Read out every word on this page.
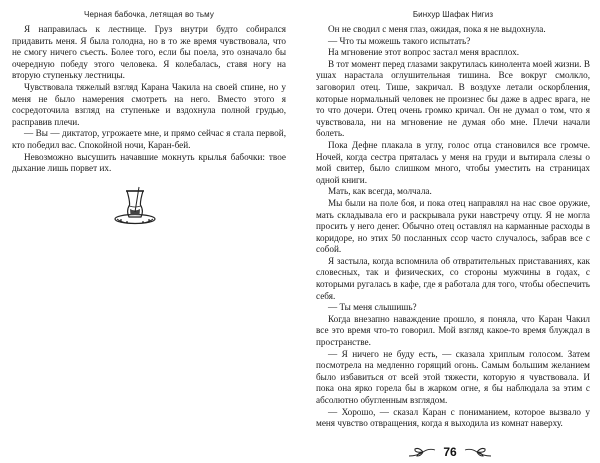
Черная бабочка, летящая во тьму

Я направилась к лестнице. Груз внутри будто собирался придавить меня. Я была голодна, но в то же время чувствовала, что не смогу ничего съесть. Более того, если бы поела, это означало бы очередную победу этого человека. Я колебалась, ставя ногу на вторую ступеньку лестницы.

Чувствовала тяжелый взгляд Карана Чакила на своей спине, но у меня не было намерения смотреть на него. Вместо этого я сосредоточила взгляд на ступеньке и вздохнула полной грудью, расправив плечи.

— Вы — диктатор, угрожаете мне, и прямо сейчас я стала первой, кто победил вас. Спокойной ночи, Каран-бей.

Невозможно высушить начавшие мокнуть крылья бабочки: твое дыхание лишь порвет их.

Бинхур Шафак Нигиз

Он не сводил с меня глаз, ожидая, пока я не выдохнула.

— Что ты можешь такого испытать?

На мгновение этот вопрос застал меня врасплох.

В тот момент перед глазами закрутилась кинолента моей жизни. В ушах нарастала оглушительная тишина. Все вокруг смолкло, заговорил отец. Тише, закричал. В воздухе летали оскорбления, которые нормальный человек не произнес бы даже в адрес врага, не то что дочери. Отец очень громко кричал. Он не думал о том, что я чувствовала, ни на мгновение не думая обо мне. Плечи начали болеть.

Пока Дефне плакала в углу, голос отца становился все громче. Ночей, когда сестра пряталась у меня на груди и вытирала слезы о мой свитер, было слишком много, чтобы уместить на страницах одной книги.

Мать, как всегда, молчала.

Мы были на поле боя, и пока отец направлял на нас свое оружие, мать складывала его и раскрывала руки навстречу отцу. Я не могла просить у него денег. Обычно отец оставлял на карманные расходы в коридоре, но этих 50 посланных ссор часто случалось, забрав все с собой.

Я застыла, когда вспомнила об отвратительных приставаниях, как словесных, так и физических, со стороны мужчины в годах, с которыми ругалась в кафе, где я работала для того, чтобы обеспечить себя.

— Ты меня слышишь?

Когда внезапно наваждение прошло, я поняла, что Каран Чакил все это время что-то говорил. Мой взгляд какое-то время блуждал в пространстве.

— Я ничего не буду есть, — сказала хриплым голосом. Затем посмотрела на медленно горящий огонь. Самым большим желанием было избавиться от всей этой тяжести, которую я чувствовала. И пока она ярко горела бы в жарком огне, я бы наблюдала за этим с абсолютно обугленным взглядом.

— Хорошо, — сказал Каран с пониманием, которое вызвало у меня чувство отвращения, когда я выходила из комнат наверху.

76
